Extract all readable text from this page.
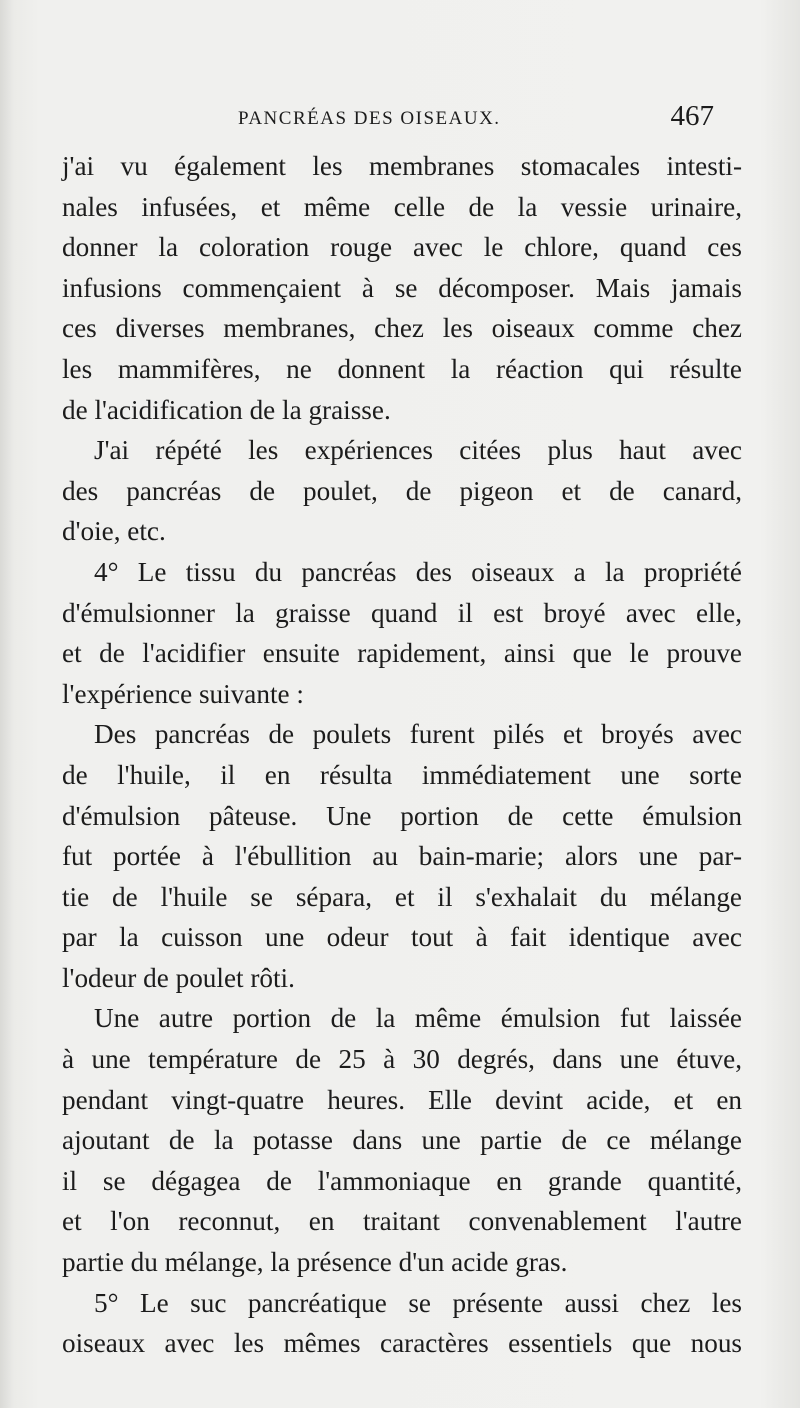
PANCRÉAS DES OISEAUX.	467

j'ai vu également les membranes stomacales intesti-
nales infusées, et même celle de la vessie urinaire,
donner la coloration rouge avec le chlore, quand ces
infusions commençaient à se décomposer. Mais jamais
ces diverses membranes, chez les oiseaux comme chez
les mammifères, ne donnent la réaction qui résulte
de l'acidification de la graisse.

J'ai répété les expériences citées plus haut avec
des pancréas de poulet, de pigeon et de canard,
d'oie, etc.

4° Le tissu du pancréas des oiseaux a la propriété
d'émulsionner la graisse quand il est broyé avec elle,
et de l'acidifier ensuite rapidement, ainsi que le prouve
l'expérience suivante :

Des pancréas de poulets furent pilés et broyés avec
de l'huile, il en résulta immédiatement une sorte
d'émulsion pâteuse. Une portion de cette émulsion
fut portée à l'ébullition au bain-marie; alors une par-
tie de l'huile se sépara, et il s'exhalait du mélange
par la cuisson une odeur tout à fait identique avec
l'odeur de poulet rôti.

Une autre portion de la même émulsion fut laissée
à une température de 25 à 30 degrés, dans une étuve,
pendant vingt-quatre heures. Elle devint acide, et en
ajoutant de la potasse dans une partie de ce mélange
il se dégagea de l'ammoniaque en grande quantité,
et l'on reconnut, en traitant convenablement l'autre
partie du mélange, la présence d'un acide gras.

5° Le suc pancréatique se présente aussi chez les
oiseaux avec les mêmes caractères essentiels que nous
